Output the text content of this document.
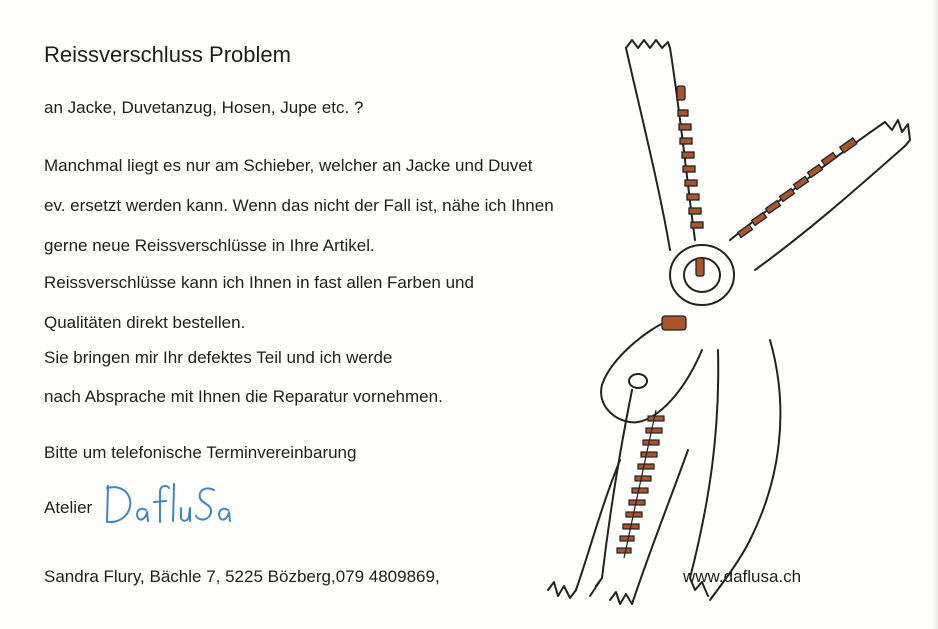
Reissverschluss Problem
an Jacke, Duvetanzug, Hosen, Jupe etc. ?
Manchmal liegt es nur am Schieber, welcher an Jacke und Duvet
ev. ersetzt werden kann. Wenn das nicht der Fall ist, nähe ich Ihnen
gerne neue Reissverschlüsse in Ihre Artikel.
Reissverschlüsse kann ich Ihnen in fast allen Farben und
Qualitäten direkt bestellen.
Sie bringen mir Ihr defektes Teil und ich werde
nach Absprache mit Ihnen die Reparatur vornehmen.
Bitte um telefonische Terminvereinbarung
Atelier
Sandra Flury, Bächle 7, 5225 Bözberg,079 4809869,	www.daflusa.ch
